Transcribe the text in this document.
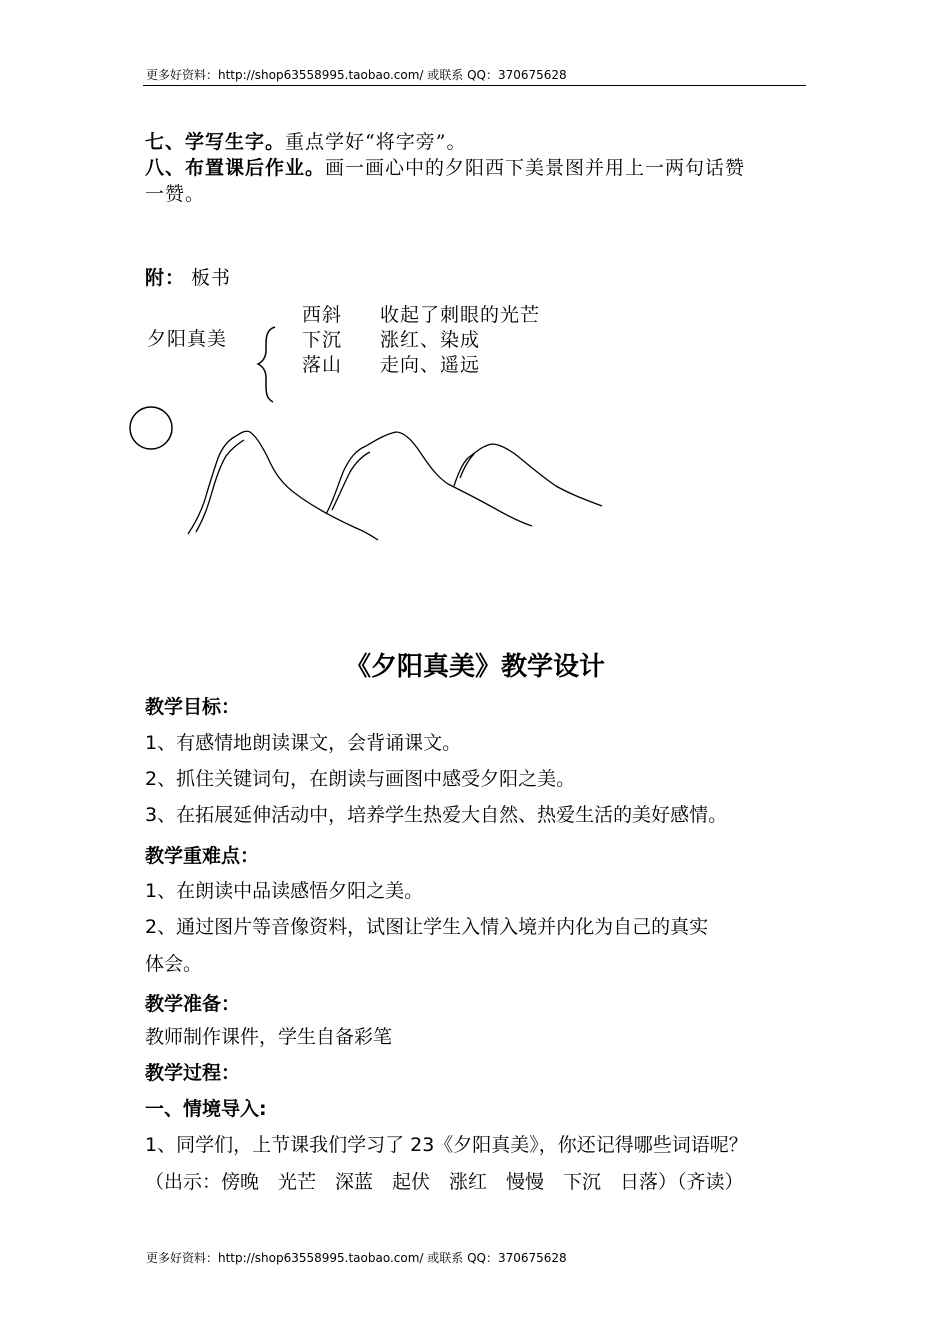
更多好资料：http://shop63558995.taobao.com/ 或联系 QQ：370675628
七、学写生字。重点学好“将字旁”。
八、布置课后作业。画一画心中的夕阳西下美景图并用上一两句话赞
一赞。
附： 板书
夕阳真美
西斜 收起了刺眼的光芒
下沉 涨红、染成
落山 走向、遥远
《夕阳真美》教学设计
教学目标：
1、有感情地朗读课文，会背诵课文。
2、抓住关键词句，在朗读与画图中感受夕阳之美。
3、在拓展延伸活动中，培养学生热爱大自然、热爱生活的美好感情。
教学重难点：
1、在朗读中品读感悟夕阳之美。
2、通过图片等音像资料，试图让学生入情入境并内化为自己的真实
体会。
教学准备：
教师制作课件，学生自备彩笔
教学过程：
一、情境导入:
1、同学们，上节课我们学习了 23《夕阳真美》，你还记得哪些词语呢？
（出示：傍晚　光芒　深蓝　起伏　涨红　慢慢　下沉　日落）（齐读）
更多好资料：http://shop63558995.taobao.com/ 或联系 QQ：370675628
